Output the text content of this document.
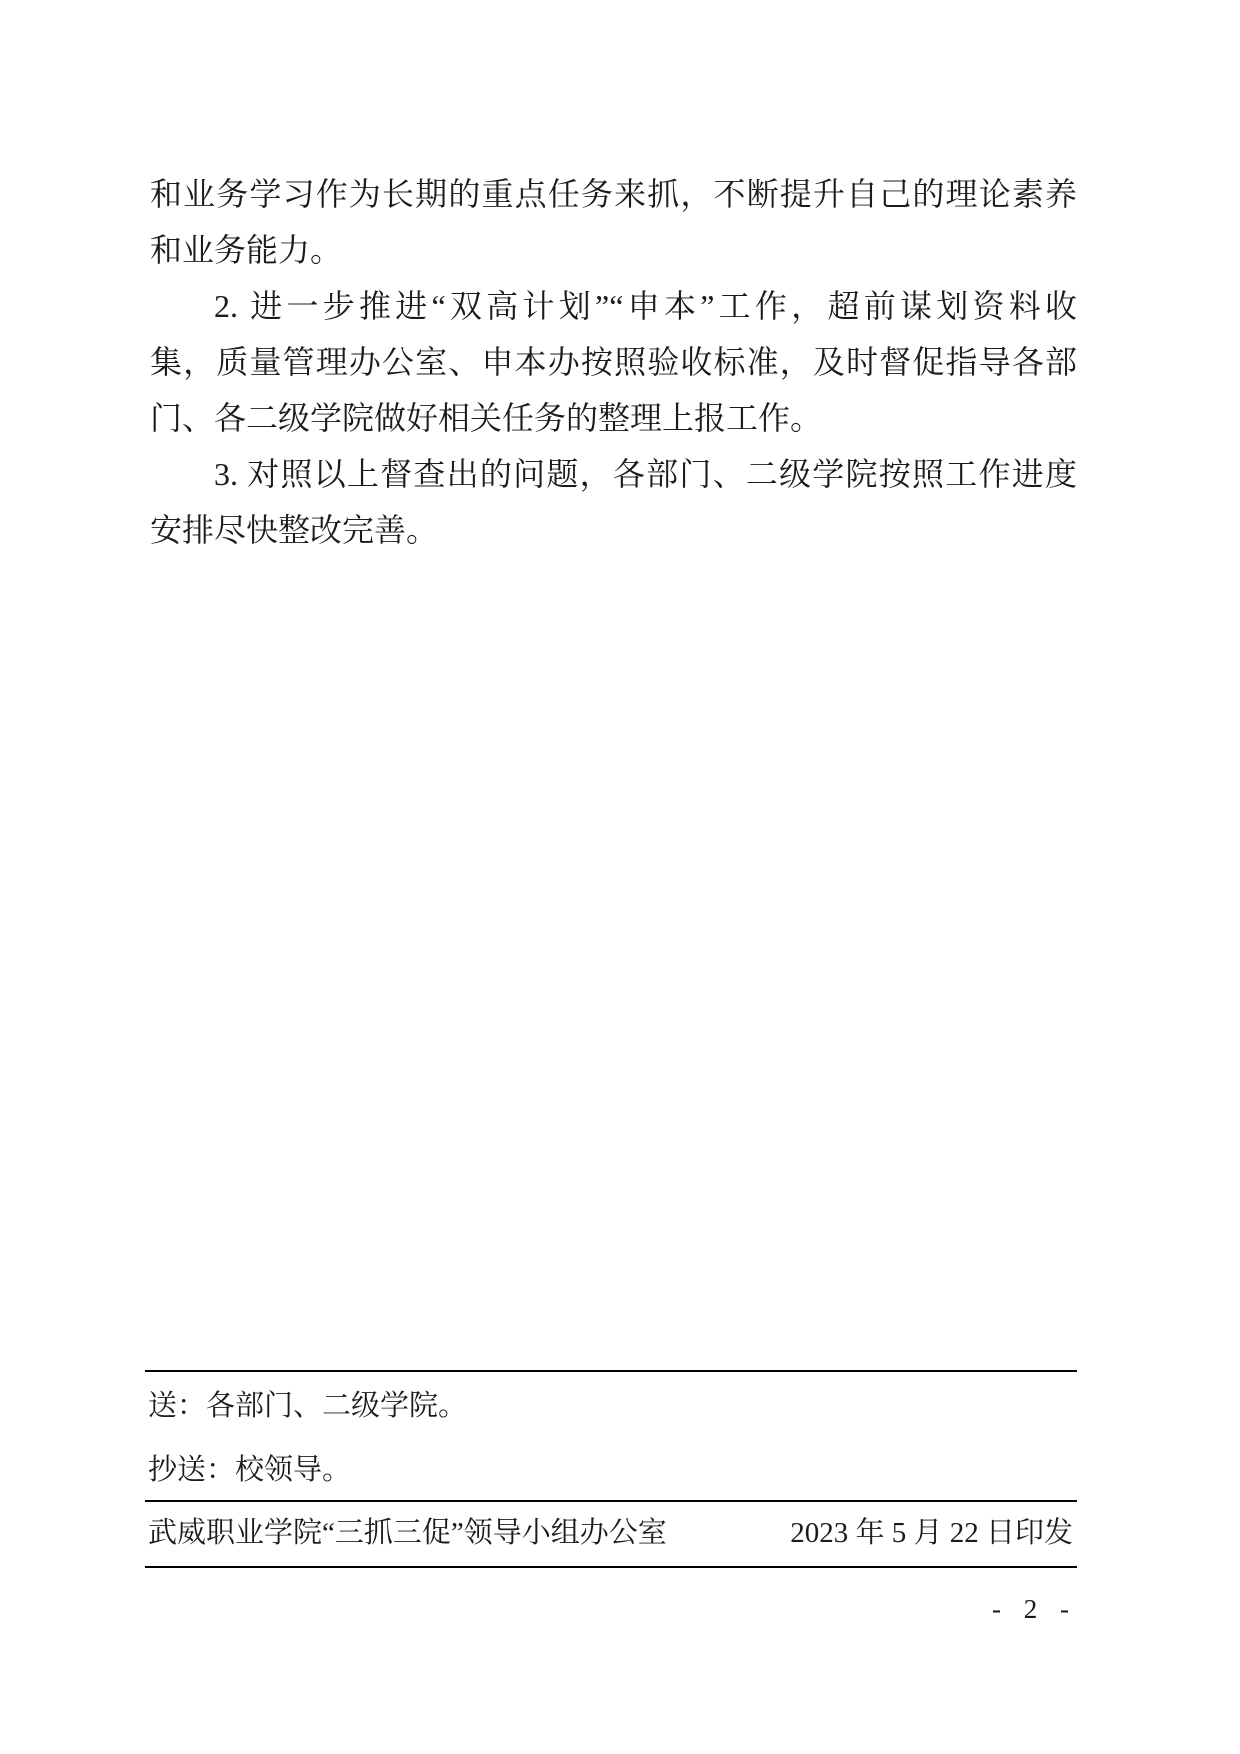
和业务学习作为长期的重点任务来抓，不断提升自己的理论素养
和业务能力。
2. 进一步推进“双高计划”“申本”工作，超前谋划资料收
集，质量管理办公室、申本办按照验收标准，及时督促指导各部
门、各二级学院做好相关任务的整理上报工作。
3. 对照以上督查出的问题，各部门、二级学院按照工作进度
安排尽快整改完善。
送：各部门、二级学院。
抄送：校领导。
武威职业学院“三抓三促”领导小组办公室	2023 年 5 月 22 日印发
- 2 -
